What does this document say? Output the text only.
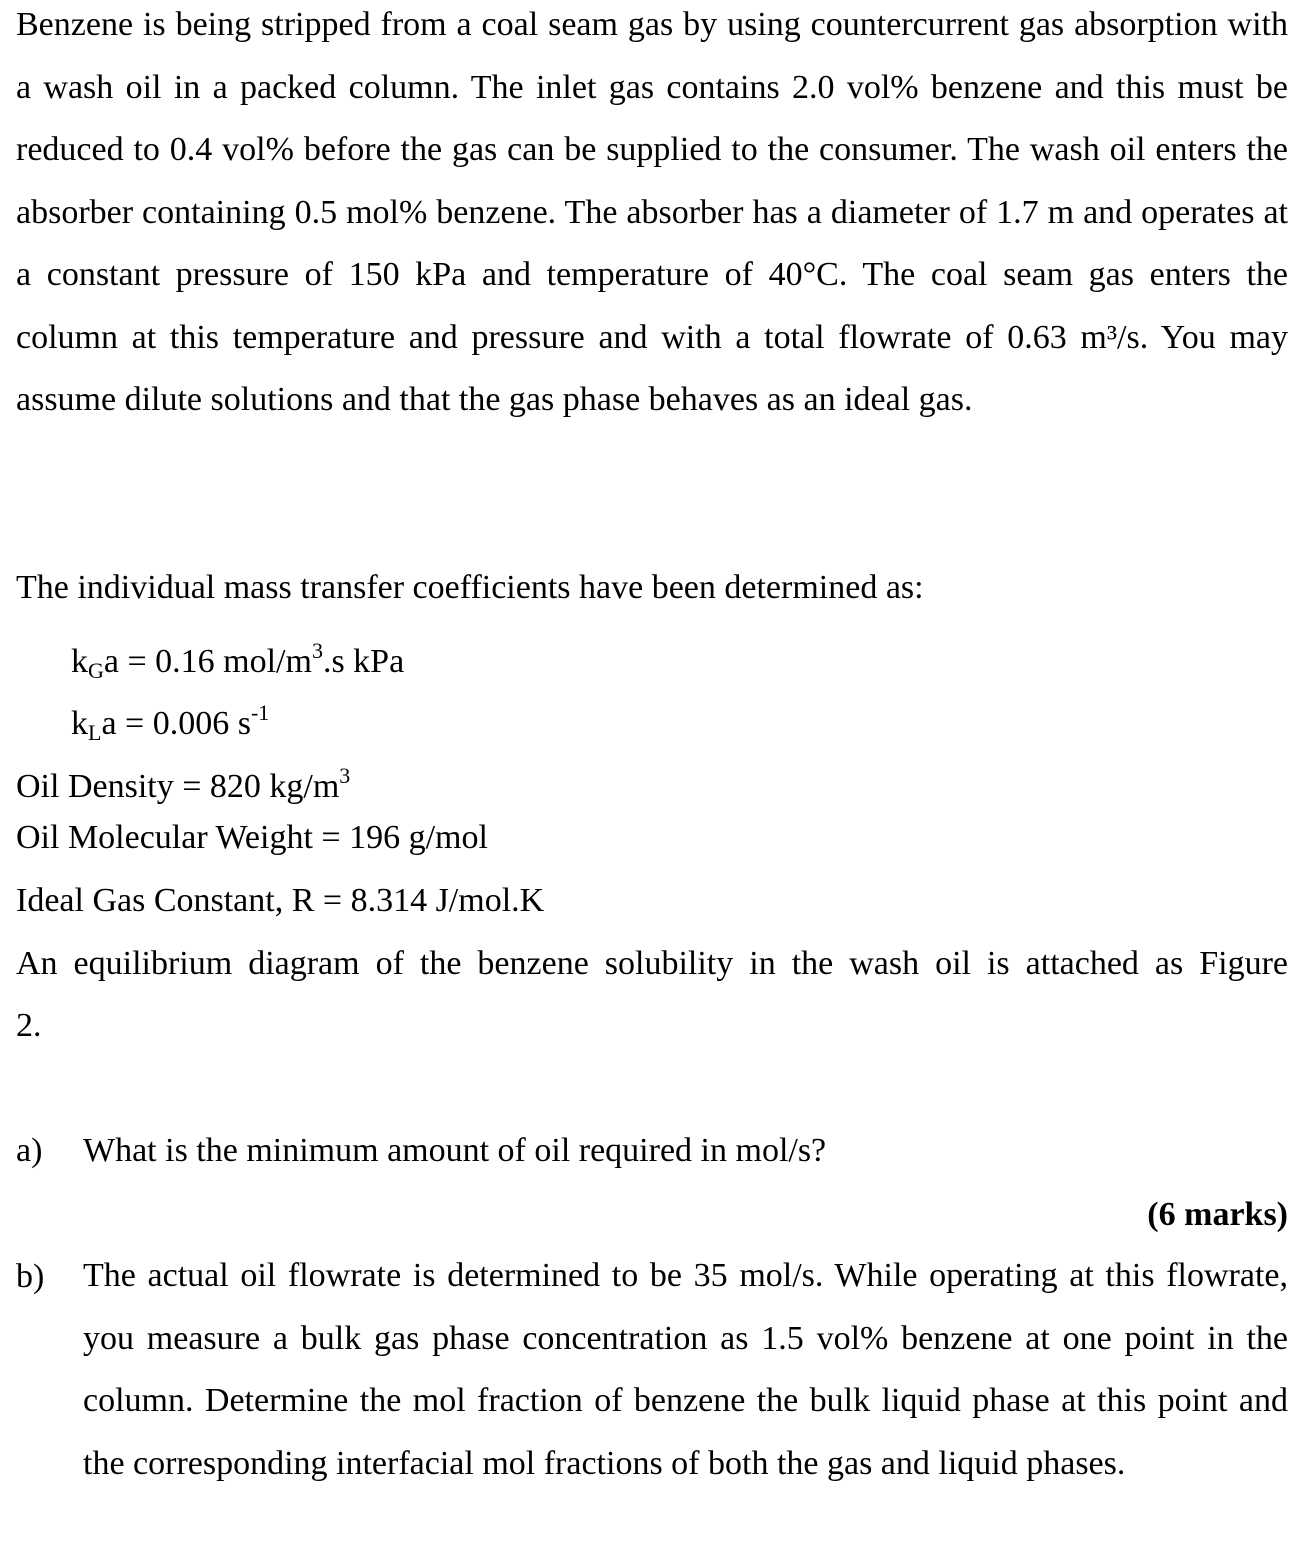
Benzene is being stripped from a coal seam gas by using countercurrent gas absorption with a wash oil in a packed column. The inlet gas contains 2.0 vol% benzene and this must be reduced to 0.4 vol% before the gas can be supplied to the consumer. The wash oil enters the absorber containing 0.5 mol% benzene. The absorber has a diameter of 1.7 m and operates at a constant pressure of 150 kPa and temperature of 40°C. The coal seam gas enters the column at this temperature and pressure and with a total flowrate of 0.63 m³/s. You may assume dilute solutions and that the gas phase behaves as an ideal gas.

The individual mass transfer coefficients have been determined as:
$k_Ga = 0.16$ mol/$m^3.s$ kPa
$k_La = 0.006$ $s^{-1}$
Oil Density = 820 $kg/m^3$
Oil Molecular Weight = 196 g/mol
Ideal Gas Constant, R = 8.314 J/mol.K
An equilibrium diagram of the benzene solubility in the wash oil is attached as Figure
2.
a) What is the minimum amount of oil required in mol/s?
(6 marks)
b) The actual oil flowrate is determined to be 35 mol/s. While operating at this flowrate, you measure a bulk gas phase concentration as 1.5 vol% benzene at one point in the column. Determine the mol fraction of benzene the bulk liquid phase at this point and the corresponding interfacial mol fractions of both the gas and liquid phases.
